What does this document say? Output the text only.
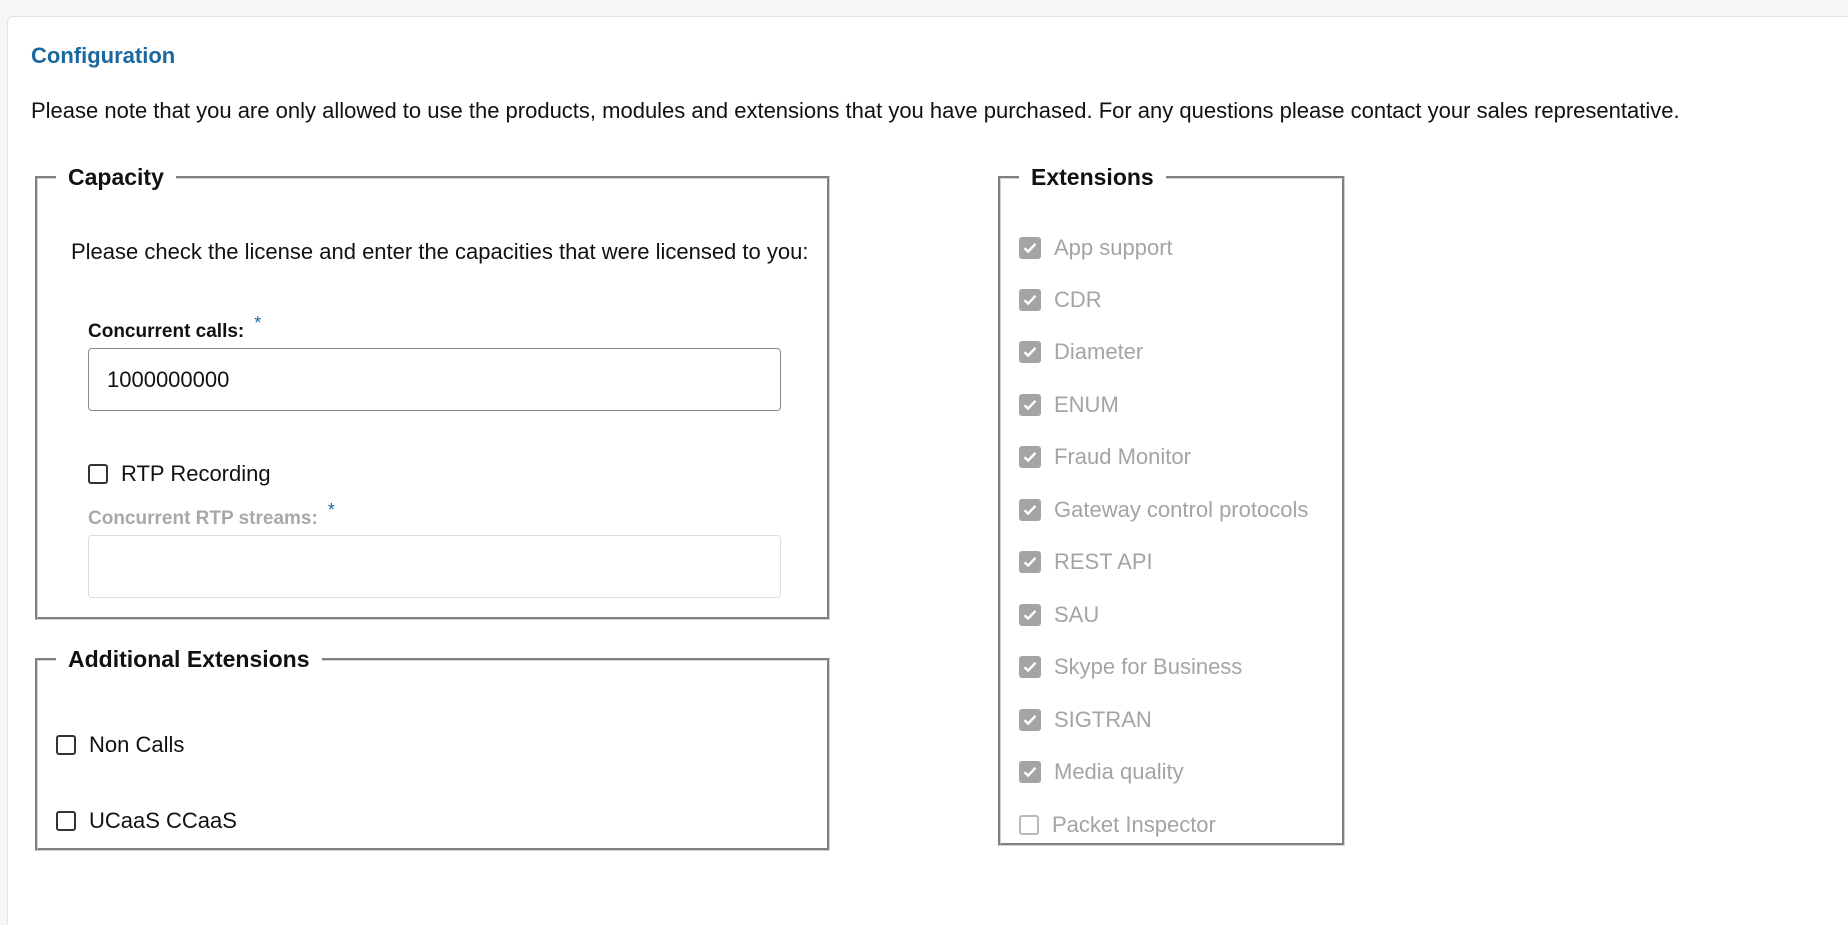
Configuration
Please note that you are only allowed to use the products, modules and extensions that you have purchased. For any questions please contact your sales representative.
Capacity
Please check the license and enter the capacities that were licensed to you:
Concurrent calls: *
1000000000
RTP Recording
Concurrent RTP streams: *
Additional Extensions
Non Calls
UCaaS CCaaS
Extensions
App support
CDR
Diameter
ENUM
Fraud Monitor
Gateway control protocols
REST API
SAU
Skype for Business
SIGTRAN
Media quality
Packet Inspector
